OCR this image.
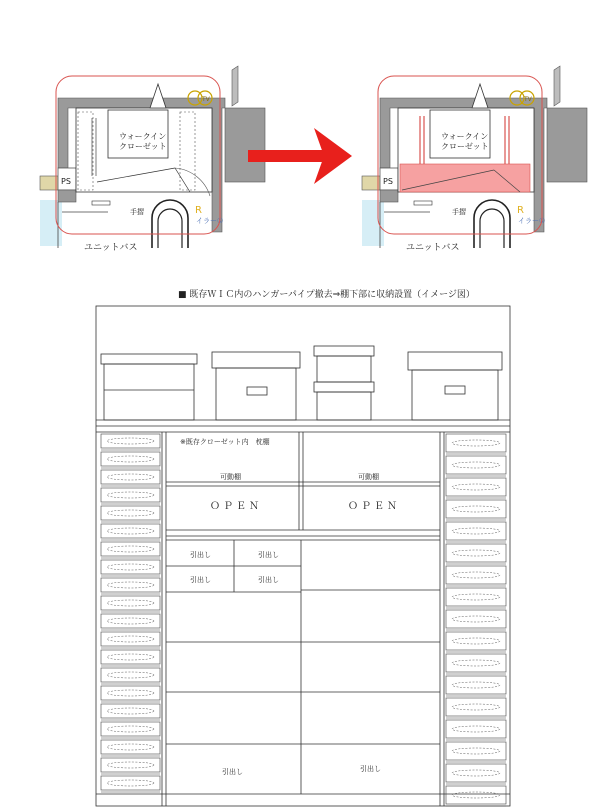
PS
ウォークイン
クローゼット
手摺	R
イラー①
ユニットバス
TV
PS
ウォークイン
クローゼット
手摺	R
イラー①
ユニットバス
TV
■ 既存ＷＩＣ内のハンガーパイプ撤去⇒棚下部に収納設置（イメージ図）
※既存クローゼット内　枕棚
可動棚	可動棚
ＯＰＥＮ	ＯＰＥＮ
引出し	引出し
引出し	引出し
引出し	引出し
